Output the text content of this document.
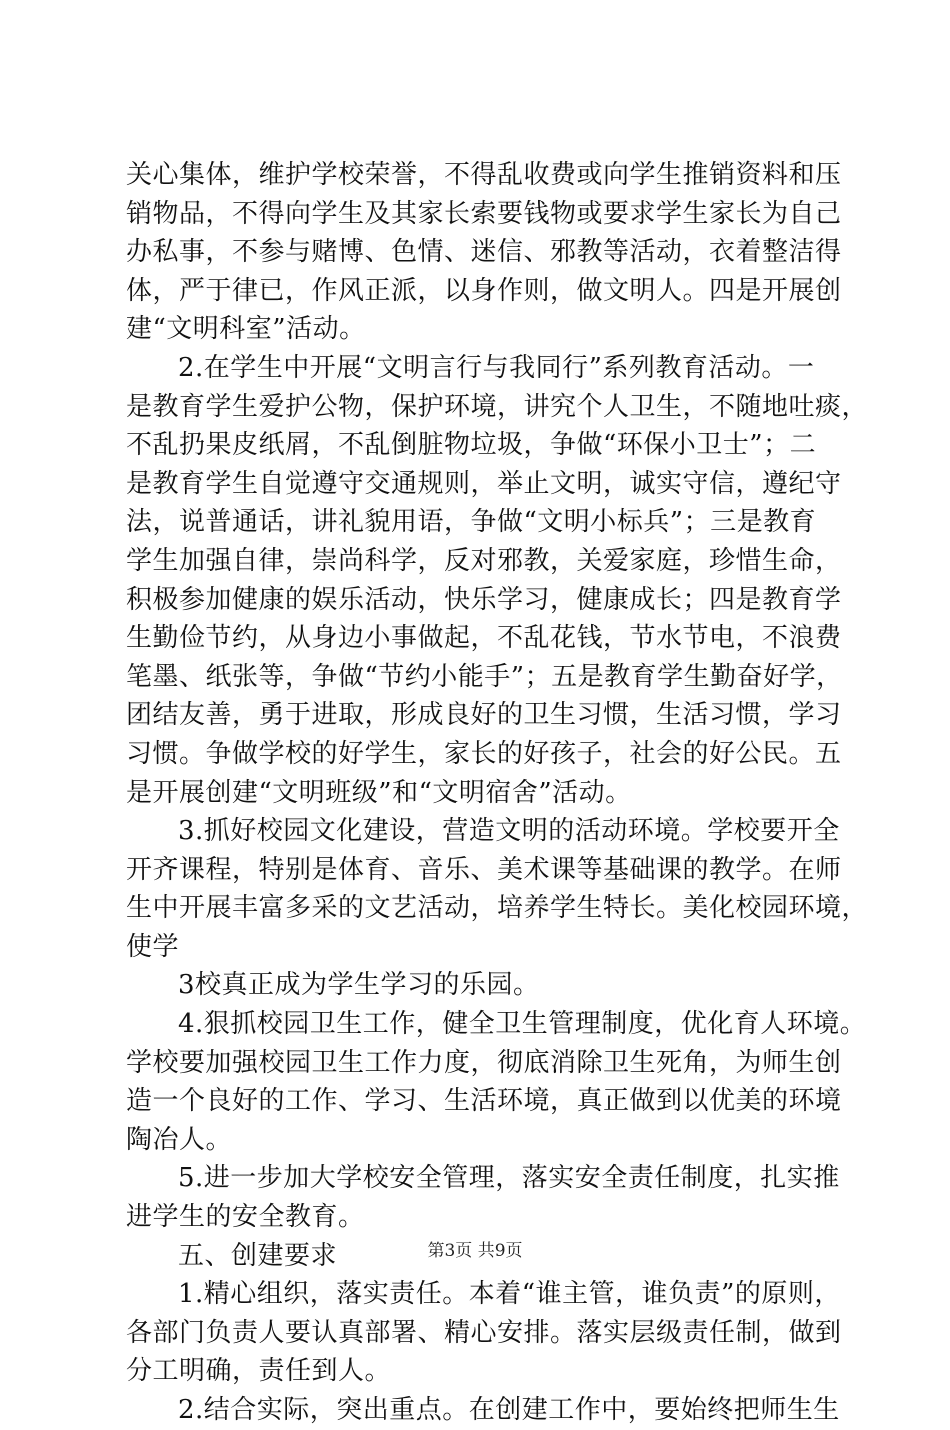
关心集体，维护学校荣誉，不得乱收费或向学生推销资料和压
销物品，不得向学生及其家长索要钱物或要求学生家长为自己
办私事，不参与赌博、色情、迷信、邪教等活动，衣着整洁得
体，严于律已，作风正派，以身作则，做文明人。四是开展创
建“文明科室”活动。
2.在学生中开展“文明言行与我同行”系列教育活动。一
是教育学生爱护公物，保护环境，讲究个人卫生，不随地吐痰，
不乱扔果皮纸屑，不乱倒脏物垃圾，争做“环保小卫士”；二
是教育学生自觉遵守交通规则，举止文明，诚实守信，遵纪守
法，说普通话，讲礼貌用语，争做“文明小标兵”；三是教育
学生加强自律，崇尚科学，反对邪教，关爱家庭，珍惜生命，
积极参加健康的娱乐活动，快乐学习，健康成长；四是教育学
生勤俭节约，从身边小事做起，不乱花钱，节水节电，不浪费
笔墨、纸张等，争做“节约小能手”；五是教育学生勤奋好学，
团结友善，勇于进取，形成良好的卫生习惯，生活习惯，学习
习惯。争做学校的好学生，家长的好孩子，社会的好公民。五
是开展创建“文明班级”和“文明宿舍”活动。
3.抓好校园文化建设，营造文明的活动环境。学校要开全
开齐课程，特别是体育、音乐、美术课等基础课的教学。在师
生中开展丰富多采的文艺活动，培养学生特长。美化校园环境，
使学
3校真正成为学生学习的乐园。
4.狠抓校园卫生工作，健全卫生管理制度，优化育人环境。
学校要加强校园卫生工作力度，彻底消除卫生死角，为师生创
造一个良好的工作、学习、生活环境，真正做到以优美的环境
陶冶人。
5.进一步加大学校安全管理，落实安全责任制度，扎实推
进学生的安全教育。
五、创建要求
1.精心组织，落实责任。本着“谁主管，谁负责”的原则，
各部门负责人要认真部署、精心安排。落实层级责任制，做到
分工明确，责任到人。
2.结合实际，突出重点。在创建工作中，要始终把师生生
第3页 共9页
